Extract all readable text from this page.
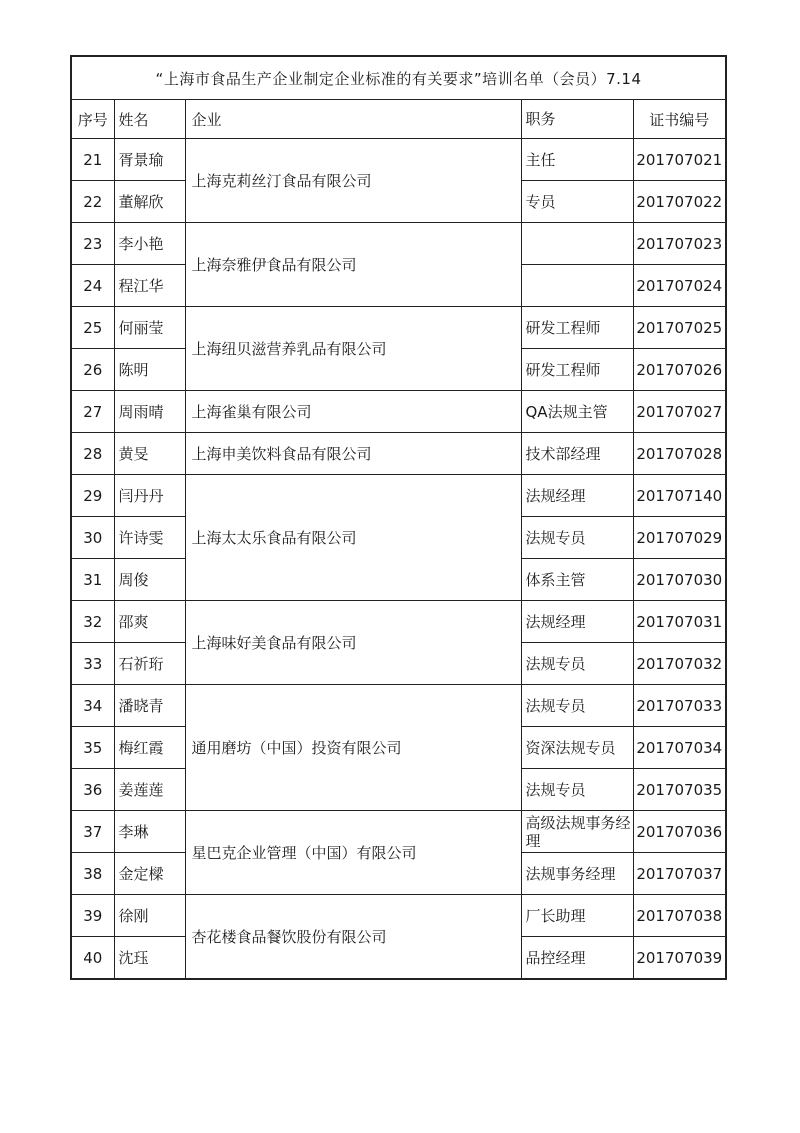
“上海市食品生产企业制定企业标准的有关要求”培训名单（会员）7.14				
序号	姓名	企业	职务	证书编号
21	胥景瑜	上海克莉丝汀食品有限公司	主任	201707021
22	董解欣		专员	201707022
23	李小艳	上海奈雅伊食品有限公司		201707023
24	程江华			201707024
25	何丽莹	上海纽贝滋营养乳品有限公司	研发工程师	201707025
26	陈明		研发工程师	201707026
27	周雨晴	上海雀巢有限公司	QA法规主管	201707027
28	黄旻	上海申美饮料食品有限公司	技术部经理	201707028
29	闫丹丹	上海太太乐食品有限公司	法规经理	201707140
30	许诗雯		法规专员	201707029
31	周俊		体系主管	201707030
32	邵爽	上海味好美食品有限公司	法规经理	201707031
33	石祈珩		法规专员	201707032
34	潘晓青	通用磨坊（中国）投资有限公司	法规专员	201707033
35	梅红霞		资深法规专员	201707034
36	姜莲莲		法规专员	201707035
37	李琳	星巴克企业管理（中国）有限公司	高级法规事务经理	201707036
38	金定樑		法规事务经理	201707037
39	徐刚	杏花楼食品餐饮股份有限公司	厂长助理	201707038
40	沈珏		品控经理	201707039
